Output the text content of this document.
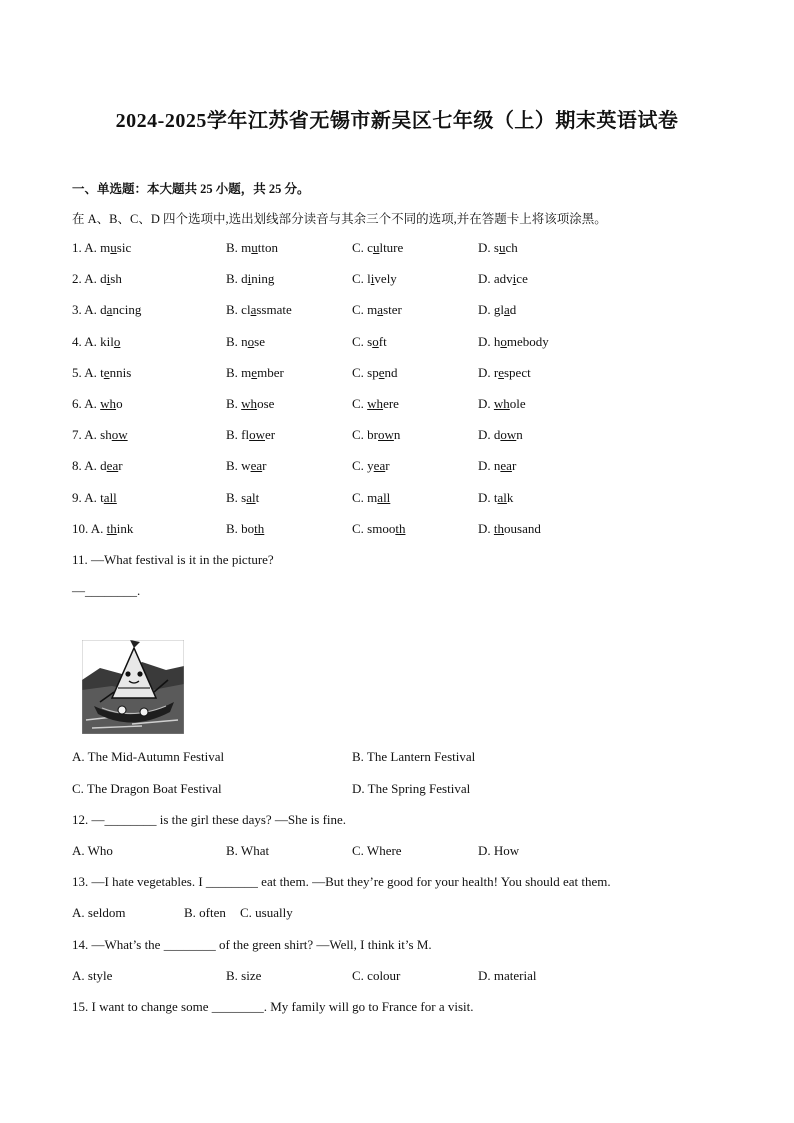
2024-2025学年江苏省无锡市新吴区七年级（上）期末英语试卷
一、单选题：本大题共 25 小题，共 25 分。
在 A、B、C、D 四个选项中,选出划线部分读音与其余三个不同的选项,并在答题卡上将该项涂黑。
1. A. music	B. mutton	C. culture	D. such
2. A. dish	B. dining	C. lively	D. advice
3. A. dancing	B. classmate	C. master	D. glad
4. A. kilo	B. nose	C. soft	D. homebody
5. A. tennis	B. member	C. spend	D. respect
6. A. who	B. whose	C. where	D. whole
7. A. show	B. flower	C. brown	D. down
8. A. dear	B. wear	C. year	D. near
9. A. tall	B. salt	C. mall	D. talk
10. A. think	B. both	C. smooth	D. thousand
11. —What festival is it in the picture?
—________.
A. The Mid-Autumn Festival	B. The Lantern Festival
C. The Dragon Boat Festival	D. The Spring Festival
12. —________ is the girl these days? —She is fine.
A. Who	B. What	C. Where	D. How
13. —I hate vegetables. I ________ eat them. —But they’re good for your health! You should eat them.
A. seldom	B. often C. usually
14. —What’s the ________ of the green shirt? —Well, I think it’s M.
A. style	B. size	C. colour	D. material
15. I want to change some ________. My family will go to France for a visit.
